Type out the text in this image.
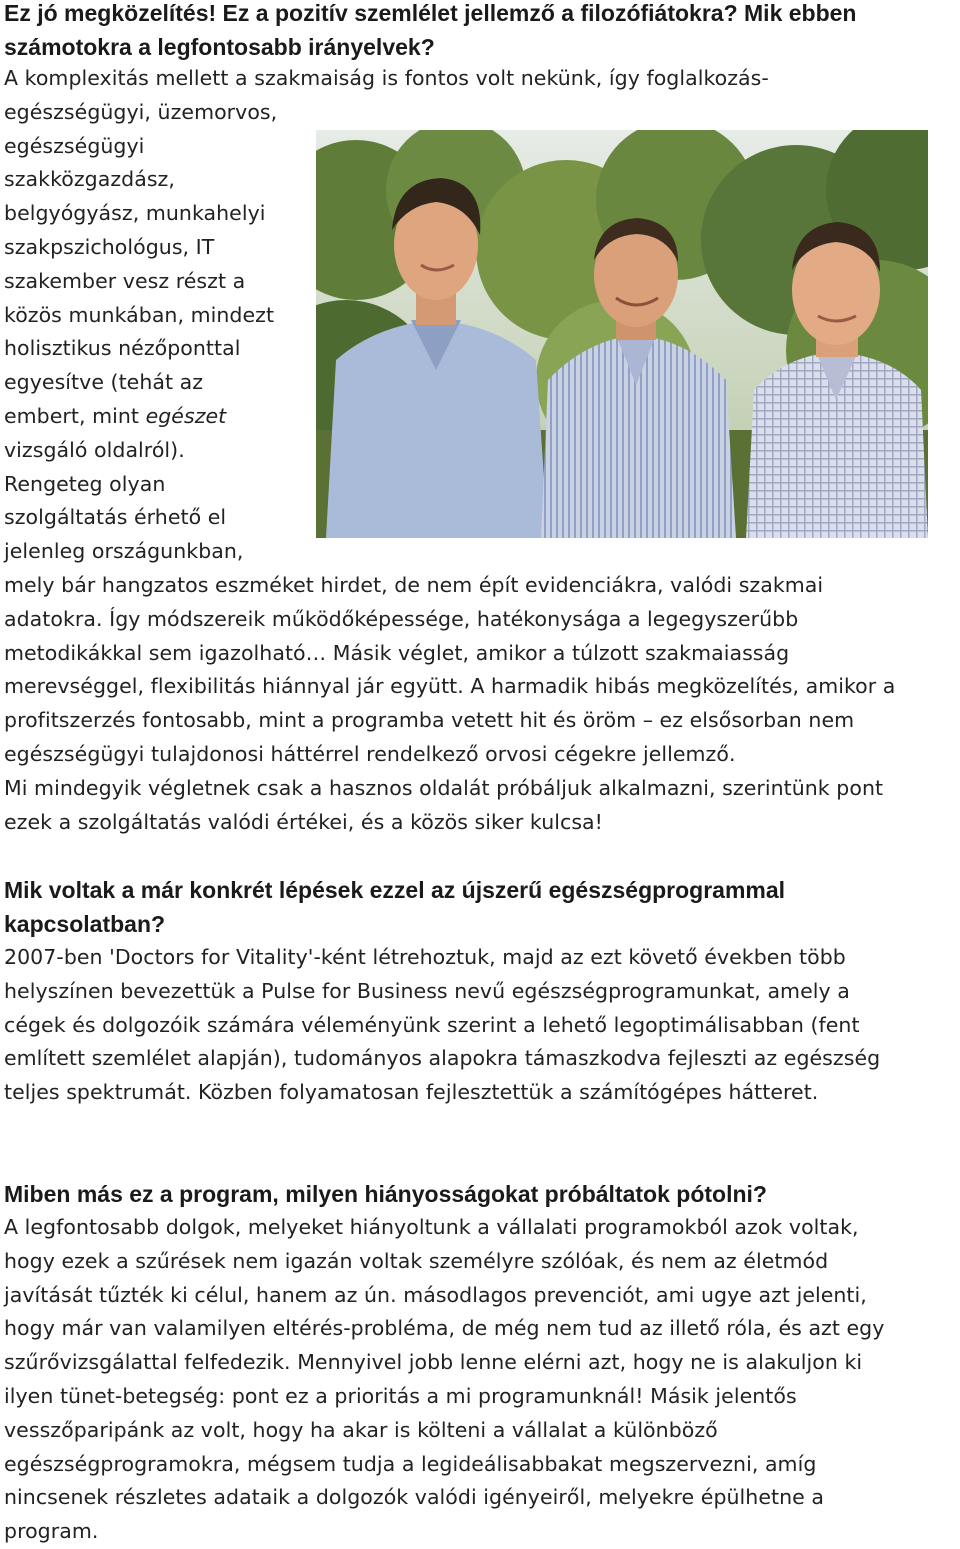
Ez jó megközelítés! Ez a pozitív szemlélet jellemző a filozófiátokra? Mik ebben
számotokra a legfontosabb irányelvek?
A komplexitás mellett a szakmaiság is fontos volt nekünk, így foglalkozás-
egészségügyi, üzemorvos,
egészségügyi
szakközgazdász,
belgyógyász, munkahelyi
szakpszichológus, IT
szakember vesz részt a
közös munkában, mindezt
holisztikus nézőponttal
egyesítve (tehát az
embert, mint egészet
vizsgáló oldalról).
Rengeteg olyan
szolgáltatás érhető el
jelenleg országunkban,
mely bár hangzatos eszméket hirdet, de nem épít evidenciákra, valódi szakmai
adatokra. Így módszereik működőképessége, hatékonysága a legegyszerűbb
metodikákkal sem igazolható… Másik véglet, amikor a túlzott szakmaiasság
merevséggel, flexibilitás hiánnyal jár együtt. A harmadik hibás megközelítés, amikor a
profitszerzés fontosabb, mint a programba vetett hit és öröm – ez elsősorban nem
egészségügyi tulajdonosi háttérrel rendelkező orvosi cégekre jellemző.
Mi mindegyik végletnek csak a hasznos oldalát próbáljuk alkalmazni, szerintünk pont
ezek a szolgáltatás valódi értékei, és a közös siker kulcsa!
Mik voltak a már konkrét lépések ezzel az újszerű egészségprogrammal
kapcsolatban?
2007-ben 'Doctors for Vitality'-ként létrehoztuk, majd az ezt követő években több
helyszínen bevezettük a Pulse for Business nevű egészségprogramunkat, amely a
cégek és dolgozóik számára véleményünk szerint a lehető legoptimálisabban (fent
említett szemlélet alapján), tudományos alapokra támaszkodva fejleszti az egészség
teljes spektrumát. Közben folyamatosan fejlesztettük a számítógépes hátteret.
Miben más ez a program, milyen hiányosságokat próbáltatok pótolni?
A legfontosabb dolgok, melyeket hiányoltunk a vállalati programokból azok voltak,
hogy ezek a szűrések nem igazán voltak személyre szólóak, és nem az életmód
javítását tűzték ki célul, hanem az ún. másodlagos prevenciót, ami ugye azt jelenti,
hogy már van valamilyen eltérés-probléma, de még nem tud az illető róla, és azt egy
szűrővizsgálattal felfedezik. Mennyivel jobb lenne elérni azt, hogy ne is alakuljon ki
ilyen tünet-betegség: pont ez a prioritás a mi programunknál! Másik jelentős
vesszőparipánk az volt, hogy ha akar is költeni a vállalat a különböző
egészségprogramokra, mégsem tudja a legideálisabbakat megszervezni, amíg
nincsenek részletes adataik a dolgozók valódi igényeiről, melyekre épülhetne a
program.
